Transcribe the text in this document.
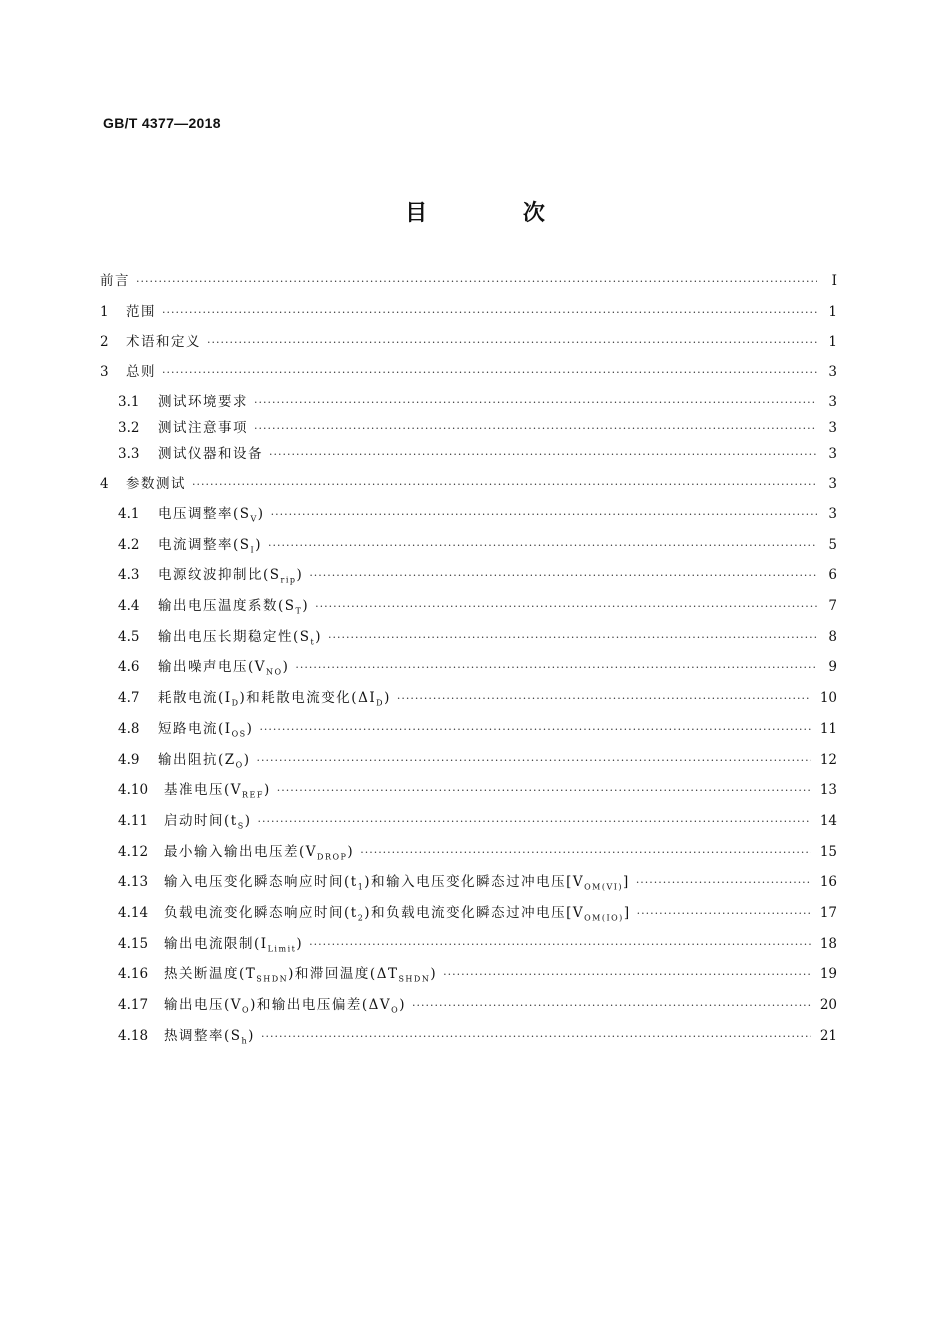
GB/T 4377—2018
目 次
前言 ·····	Ⅰ
1	范围 ·····	1
2	术语和定义 ·····	1
3	总则 ·····	3
3.1	测试环境要求 ·····	3
3.2	测试注意事项 ·····	3
3.3	测试仪器和设备 ·····	3
4	参数测试 ·····	3
4.1	电压调整率$(S_V)$ ·····	3
4.2	电流调整率$(S_I)$ ·····	5
4.3	电源纹波抑制比$(S_{rip})$ ·····	6
4.4	输出电压温度系数$(S_T)$ ·····	7
4.5	输出电压长期稳定性$(S_t)$ ·····	8
4.6	输出噪声电压$(V_{NO})$ ·····	9
4.7	耗散电流$(I_D)$和耗散电流变化$(\Delta I_D)$ ·····	10
4.8	短路电流$(I_{OS})$ ·····	11
4.9	输出阻抗$(Z_O)$ ·····	12
4.10	基准电压$(V_{REF})$ ·····	13
4.11	启动时间$(t_S)$ ·····	14
4.12	最小输入输出电压差$(V_{DROP})$ ·····	15
4.13	输入电压变化瞬态响应时间$(t_1)$和输入电压变化瞬态过冲电压$[V_{OM(VI)}]$ ·····	16
4.14	负载电流变化瞬态响应时间$(t_2)$和负载电流变化瞬态过冲电压$[V_{OM(IO)}]$ ·····	17
4.15	输出电流限制$(I_{Limit})$ ·····	18
4.16	热关断温度$(T_{SHDN})$和滞回温度$(\Delta T_{SHDN})$ ·····	19
4.17	输出电压$(V_O)$和输出电压偏差$(\Delta V_O)$ ·····	20
4.18	热调整率$(S_h)$ ·····	21
